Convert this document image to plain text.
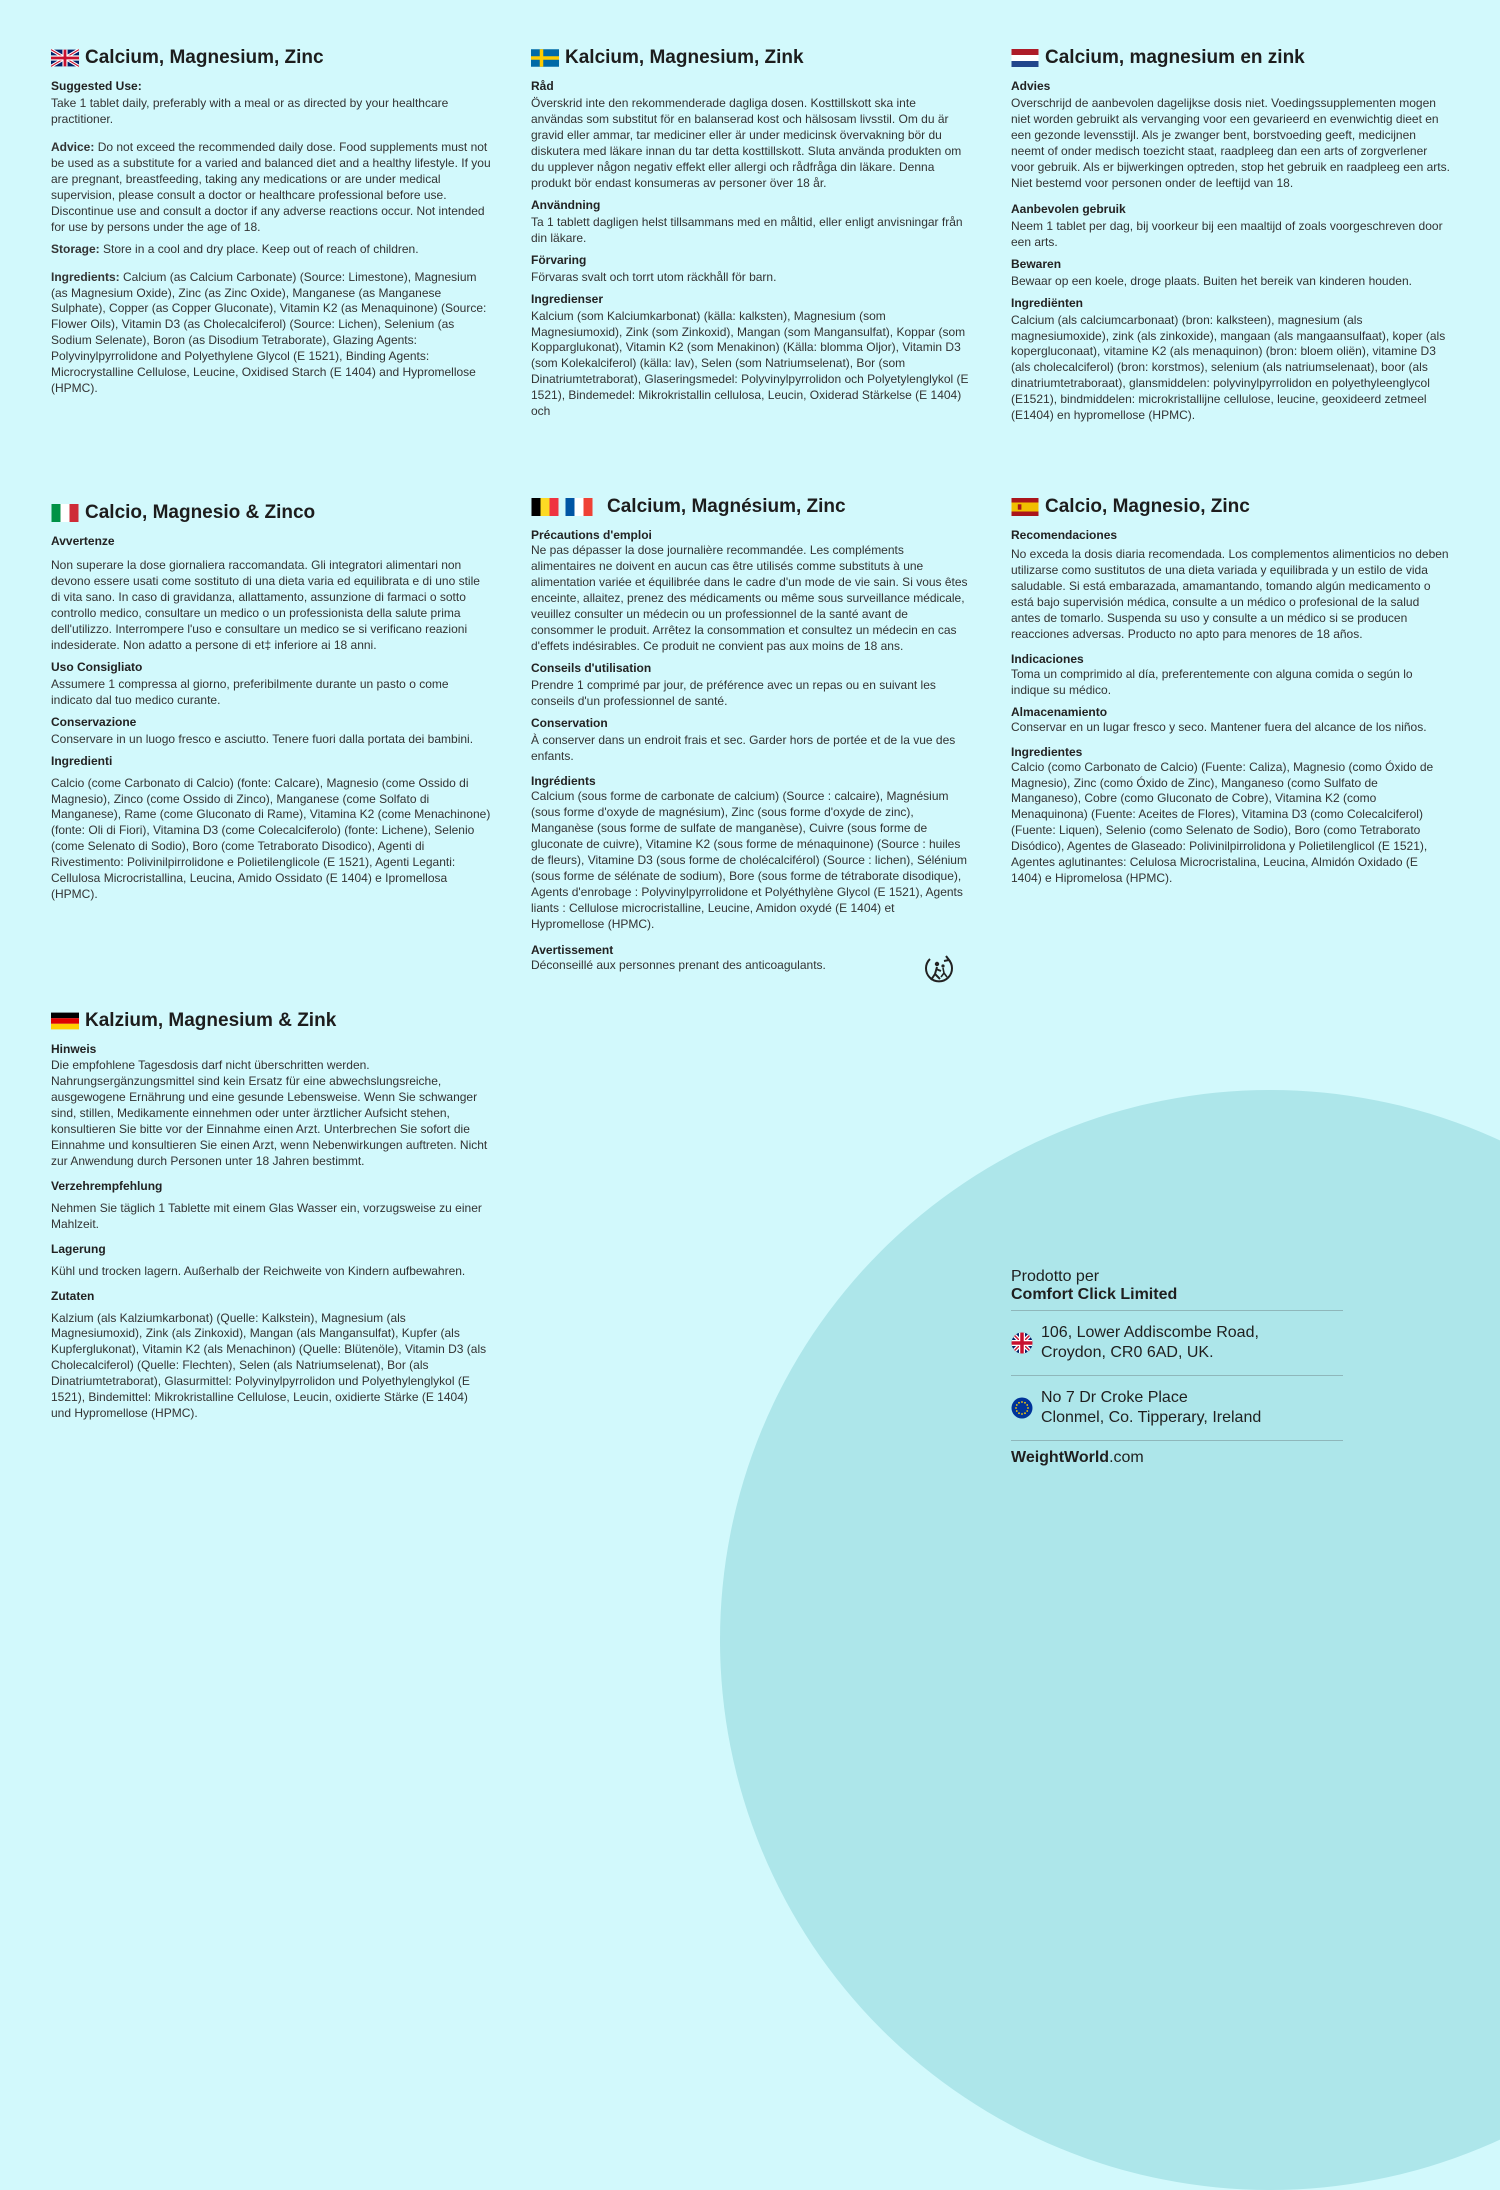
Calcium, Magnesium, Zinc
Suggested Use:

Take 1 tablet daily, preferably with a meal or as directed by your healthcare practitioner.

Advice: Do not exceed the recommended daily dose. Food supplements must not be used as a substitute for a varied and balanced diet and a healthy lifestyle. If you are pregnant, breastfeeding, taking any medications or are under medical supervision, please consult a doctor or healthcare professional before use. Discontinue use and consult a doctor if any adverse reactions occur. Not intended for use by persons under the age of 18.

Storage: Store in a cool and dry place. Keep out of reach of children.

Ingredients: Calcium (as Calcium Carbonate) (Source: Limestone), Magnesium (as Magnesium Oxide), Zinc (as Zinc Oxide), Manganese (as Manganese Sulphate), Copper (as Copper Gluconate), Vitamin K2 (as Menaquinone) (Source: Flower Oils), Vitamin D3 (as Cholecalciferol) (Source: Lichen), Selenium (as Sodium Selenate), Boron (as Disodium Tetraborate), Glazing Agents: Polyvinylpyrrolidone and Polyethylene Glycol (E 1521), Binding Agents: Microcrystalline Cellulose, Leucine, Oxidised Starch (E 1404) and Hypromellose (HPMC).

Kalcium, Magnesium, Zink
Råd

Överskrid inte den rekommenderade dagliga dosen. Kosttillskott ska inte användas som substitut för en balanserad kost och hälsosam livsstil. Om du är gravid eller ammar, tar mediciner eller är under medicinsk övervakning bör du diskutera med läkare innan du tar detta kosttillskott. Sluta använda produkten om du upplever någon negativ effekt eller allergi och rådfråga din läkare. Denna produkt bör endast konsumeras av personer över 18 år.

Användning

Ta 1 tablett dagligen helst tillsammans med en måltid, eller enligt anvisningar från din läkare.

Förvaring

Förvaras svalt och torrt utom räckhåll för barn.

Ingredienser

Kalcium (som Kalciumkarbonat) (källa: kalksten), Magnesium (som Magnesiumoxid), Zink (som Zinkoxid), Mangan (som Mangansulfat), Koppar (som Kopparglukonat), Vitamin K2 (som Menakinon) (Källa: blomma Oljor), Vitamin D3 (som Kolekalciferol) (källa: lav), Selen (som Natriumselenat), Bor (som Dinatriumtetraborat), Glaseringsmedel: Polyvinylpyrrolidon och Polyetylenglykol (E 1521), Bindemedel: Mikrokristallin cellulosa, Leucin, Oxiderad Stärkelse (E 1404) och

Calcium, magnesium en zink
Advies

Overschrijd de aanbevolen dagelijkse dosis niet. Voedingssupplementen mogen niet worden gebruikt als vervanging voor een gevarieerd en evenwichtig dieet en een gezonde levensstijl. Als je zwanger bent, borstvoeding geeft, medicijnen neemt of onder medisch toezicht staat, raadpleeg dan een arts of zorgverlener voor gebruik. Als er bijwerkingen optreden, stop het gebruik en raadpleeg een arts. Niet bestemd voor personen onder de leeftijd van 18.

Aanbevolen gebruik

Neem 1 tablet per dag, bij voorkeur bij een maaltijd of zoals voorgeschreven door een arts.

Bewaren

Bewaar op een koele, droge plaats. Buiten het bereik van kinderen houden.

Ingrediënten

Calcium (als calciumcarbonaat) (bron: kalksteen), magnesium (als magnesiumoxide), zink (als zinkoxide), mangaan (als mangaansulfaat), koper (als kopergluconaat), vitamine K2 (als menaquinon) (bron: bloem oliën), vitamine D3 (als cholecalciferol) (bron: korstmos), selenium (als natriumselenaat), boor (als dinatriumtetraboraat), glansmiddelen: polyvinylpyrrolidon en polyethyleenglycol (E1521), bindmiddelen: microkristallijne cellulose, leucine, geoxideerd zetmeel (E1404) en hypromellose (HPMC).

Calcio, Magnesio & Zinco
Avvertenze

Non superare la dose giornaliera raccomandata. Gli integratori alimentari non devono essere usati come sostituto di una dieta varia ed equilibrata e di uno stile di vita sano. In caso di gravidanza, allattamento, assunzione di farmaci o sotto controllo medico, consultare un medico o un professionista della salute prima dell'utilizzo. Interrompere l'uso e consultare un medico se si verificano reazioni indesiderate. Non adatto a persone di et‡ inferiore ai 18 anni.

Uso Consigliato

Assumere 1 compressa al giorno, preferibilmente durante un pasto o come indicato dal tuo medico curante.

Conservazione

Conservare in un luogo fresco e asciutto. Tenere fuori dalla portata dei bambini.

Ingredienti

Calcio (come Carbonato di Calcio) (fonte: Calcare), Magnesio (come Ossido di Magnesio), Zinco (come Ossido di Zinco), Manganese (come Solfato di Manganese), Rame (come Gluconato di Rame), Vitamina K2 (come Menachinone) (fonte: Oli di Fiori), Vitamina D3 (come Colecalciferolo) (fonte: Lichene), Selenio (come Selenato di Sodio), Boro (come Tetraborato Disodico), Agenti di Rivestimento: Polivinilpirrolidone e Polietilenglicole (E 1521), Agenti Leganti: Cellulosa Microcristallina, Leucina, Amido Ossidato (E 1404) e Ipromellosa (HPMC).

Calcium, Magnésium, Zinc
Précautions d'emploi

Ne pas dépasser la dose journalière recommandée. Les compléments alimentaires ne doivent en aucun cas être utilisés comme substituts à une alimentation variée et équilibrée dans le cadre d'un mode de vie sain. Si vous êtes enceinte, allaitez, prenez des médicaments ou même sous surveillance médicale, veuillez consulter un médecin ou un professionnel de la santé avant de consommer le produit. Arrêtez la consommation et consultez un médecin en cas d'effets indésirables. Ce produit ne convient pas aux moins de 18 ans.

Conseils d'utilisation

Prendre 1 comprimé par jour, de préférence avec un repas ou en suivant les conseils d'un professionnel de santé.

Conservation

À conserver dans un endroit frais et sec. Garder hors de portée et de la vue des enfants.

Ingrédients

Calcium (sous forme de carbonate de calcium) (Source : calcaire), Magnésium (sous forme d'oxyde de magnésium), Zinc (sous forme d'oxyde de zinc), Manganèse (sous forme de sulfate de manganèse), Cuivre (sous forme de gluconate de cuivre), Vitamine K2 (sous forme de ménaquinone) (Source : huiles de fleurs), Vitamine D3 (sous forme de cholécalciférol) (Source : lichen), Sélénium (sous forme de sélénate de sodium), Bore (sous forme de tétraborate disodique), Agents d'enrobage : Polyvinylpyrrolidone et Polyéthylène Glycol (E 1521), Agents liants : Cellulose microcristalline, Leucine, Amidon oxydé (E 1404) et Hypromellose (HPMC).

Avertissement

Déconseillé aux personnes prenant des anticoagulants.

Calcio, Magnesio, Zinc
Recomendaciones

No exceda la dosis diaria recomendada. Los complementos alimenticios no deben utilizarse como sustitutos de una dieta variada y equilibrada y un estilo de vida saludable. Si está embarazada, amamantando, tomando algún medicamento o está bajo supervisión médica, consulte a un médico o profesional de la salud antes de tomarlo. Suspenda su uso y consulte a un médico si se producen reacciones adversas. Producto no apto para menores de 18 años.

Indicaciones

Toma un comprimido al día, preferentemente con alguna comida o según lo indique su médico.

Almacenamiento

Conservar en un lugar fresco y seco. Mantener fuera del alcance de los niños.

Ingredientes

Calcio (como Carbonato de Calcio) (Fuente: Caliza), Magnesio (como Óxido de Magnesio), Zinc (como Óxido de Zinc), Manganeso (como Sulfato de Manganeso), Cobre (como Gluconato de Cobre), Vitamina K2 (como Menaquinona) (Fuente: Aceites de Flores), Vitamina D3 (como Colecalciferol) (Fuente: Liquen), Selenio (como Selenato de Sodio), Boro (como Tetraborato Disódico), Agentes de Glaseado: Polivinilpirrolidona y Polietilenglicol (E 1521), Agentes aglutinantes: Celulosa Microcristalina, Leucina, Almidón Oxidado (E 1404) e Hipromelosa (HPMC).

Kalzium, Magnesium & Zink
Hinweis

Die empfohlene Tagesdosis darf nicht überschritten werden. Nahrungsergänzungsmittel sind kein Ersatz für eine abwechslungsreiche, ausgewogene Ernährung und eine gesunde Lebensweise. Wenn Sie schwanger sind, stillen, Medikamente einnehmen oder unter ärztlicher Aufsicht stehen, konsultieren Sie bitte vor der Einnahme einen Arzt. Unterbrechen Sie sofort die Einnahme und konsultieren Sie einen Arzt, wenn Nebenwirkungen auftreten. Nicht zur Anwendung durch Personen unter 18 Jahren bestimmt.

Verzehrempfehlung

Nehmen Sie täglich 1 Tablette mit einem Glas Wasser ein, vorzugsweise zu einer Mahlzeit.

Lagerung

Kühl und trocken lagern. Außerhalb der Reichweite von Kindern aufbewahren.

Zutaten

Kalzium (als Kalziumkarbonat) (Quelle: Kalkstein), Magnesium (als Magnesiumoxid), Zink (als Zinkoxid), Mangan (als Mangansulfat), Kupfer (als Kupferglukonat), Vitamin K2 (als Menachinon) (Quelle: Blütenöle), Vitamin D3 (als Cholecalciferol) (Quelle: Flechten), Selen (als Natriumselenat), Bor (als Dinatriumtetraborat), Glasurmittel: Polyvinylpyrrolidon und Polyethylenglykol (E 1521), Bindemittel: Mikrokristalline Cellulose, Leucin, oxidierte Stärke (E 1404) und Hypromellose (HPMC).

Prodotto per
Comfort Click Limited
106, Lower Addiscombe Road,
Croydon, CR0 6AD, UK.
No 7 Dr Croke Place
Clonmel, Co. Tipperary, Ireland
WeightWorld.com
